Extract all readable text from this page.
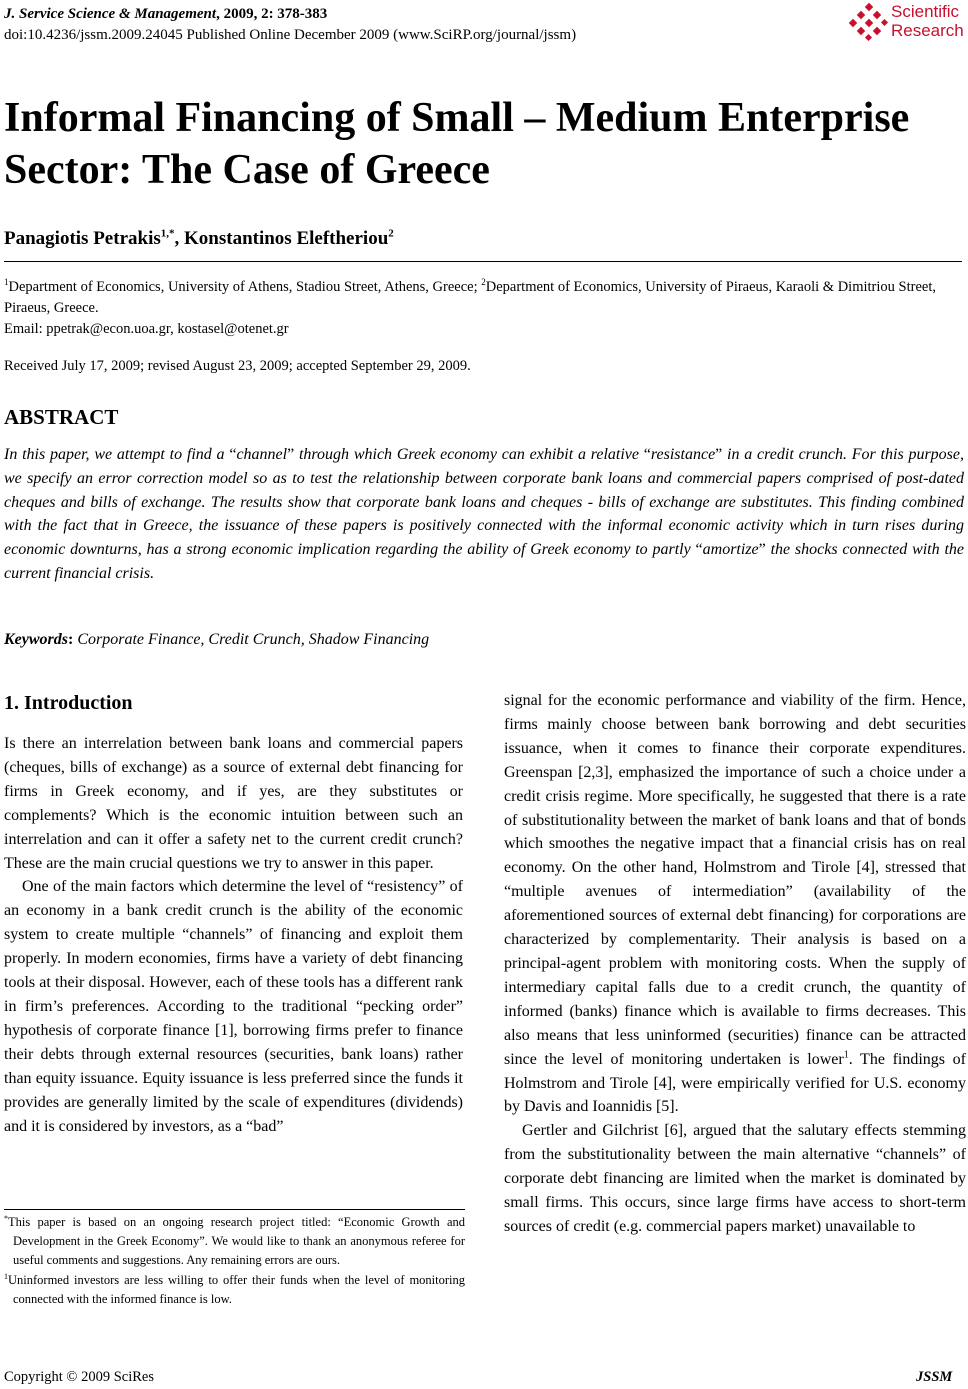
J. Service Science & Management, 2009, 2: 378-383
doi:10.4236/jssm.2009.24045 Published Online December 2009 (www.SciRP.org/journal/jssm)
Scientific
Research
Informal Financing of Small – Medium Enterprise Sector: The Case of Greece
Panagiotis Petrakis$^{1,*}$, Konstantinos Eleftheriou$^2$
$^1$Department of Economics, University of Athens, Stadiou Street, Athens, Greece; $^2$Department of Economics, University of Piraeus, Karaoli & Dimitriou Street, Piraeus, Greece.
Email: ppetrak@econ.uoa.gr, kostasel@otenet.gr
Received July 17, 2009; revised August 23, 2009; accepted September 29, 2009.
ABSTRACT

In this paper, we attempt to find a “channel” through which Greek economy can exhibit a relative “resistance” in a credit crunch. For this purpose, we specify an error correction model so as to test the relationship between corporate bank loans and commercial papers comprised of post-dated cheques and bills of exchange. The results show that corporate bank loans and cheques - bills of exchange are substitutes. This finding combined with the fact that in Greece, the issuance of these papers is positively connected with the informal economic activity which in turn rises during economic downturns, has a strong economic implication regarding the ability of Greek economy to partly “amortize” the shocks connected with the current financial crisis.

Keywords: Corporate Finance, Credit Crunch, Shadow Financing
1. Introduction

Is there an interrelation between bank loans and commercial papers (cheques, bills of exchange) as a source of external debt financing for firms in Greek economy, and if yes, are they substitutes or complements? Which is the economic intuition between such an interrelation and can it offer a safety net to the current credit crunch? These are the main crucial questions we try to answer in this paper.

One of the main factors which determine the level of “resistency” of an economy in a bank credit crunch is the ability of the economic system to create multiple “channels” of financing and exploit them properly. In modern economies, firms have a variety of debt financing tools at their disposal. However, each of these tools has a different rank in firm’s preferences. According to the traditional “pecking order” hypothesis of corporate finance [1], borrowing firms prefer to finance their debts through external resources (securities, bank loans) rather than equity issuance. Equity issuance is less preferred since the funds it provides are generally limited by the scale of expenditures (dividends) and it is considered by investors, as a “bad”

signal for the economic performance and viability of the firm. Hence, firms mainly choose between bank borrowing and debt securities issuance, when it comes to finance their corporate expenditures. Greenspan [2,3], emphasized the importance of such a choice under a credit crisis regime. More specifically, he suggested that there is a rate of substitutionality between the market of bank loans and that of bonds which smoothes the negative impact that a financial crisis has on real economy. On the other hand, Holmstrom and Tirole [4], stressed that “multiple avenues of intermediation” (availability of the aforementioned sources of external debt financing) for corporations are characterized by complementarity. Their analysis is based on a principal-agent problem with monitoring costs. When the supply of intermediary capital falls due to a credit crunch, the quantity of informed (banks) finance which is available to firms decreases. This also means that less uninformed (securities) finance can be attracted since the level of monitoring undertaken is lower$^1$. The findings of Holmstrom and Tirole [4], were empirically verified for U.S. economy by Davis and Ioannidis [5].

Gertler and Gilchrist [6], argued that the salutary effects stemming from the substitutionality between the main alternative “channels” of corporate debt financing are limited when the market is dominated by small firms. This occurs, since large firms have access to short-term sources of credit (e.g. commercial papers market) unavailable to

*This paper is based on an ongoing research project titled: “Economic Growth and Development in the Greek Economy”. We would like to thank an anonymous referee for useful comments and suggestions. Any remaining errors are ours.

$^1$Uninformed investors are less willing to offer their funds when the level of monitoring connected with the informed finance is low.

Copyright © 2009 SciRes	JSSM
